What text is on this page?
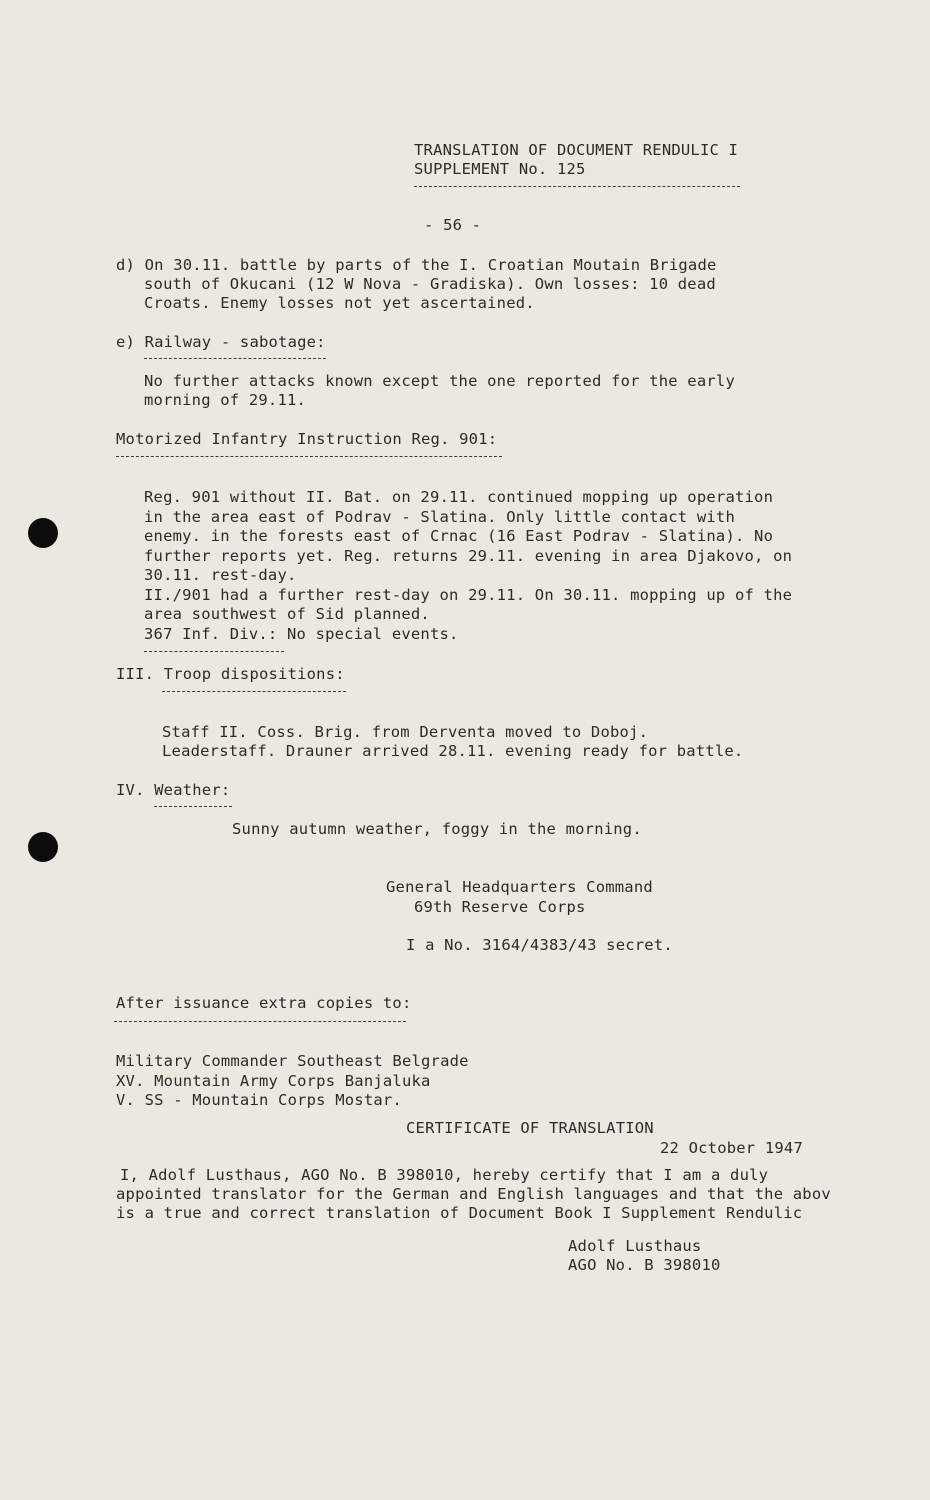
TRANSLATION OF DOCUMENT RENDULIC I

SUPPLEMENT No. 125

- 56 -

d) On 30.11. battle by parts of the I. Croatian Moutain Brigade

south of Okucani (12 W Nova - Gradiska). Own losses: 10 dead

Croats. Enemy losses not yet ascertained.

e) Railway - sabotage:

No further attacks known except the one reported for the early

morning of 29.11.

Motorized Infantry Instruction Reg. 901:

Reg. 901 without II. Bat. on 29.11. continued mopping up operation

in the area east of Podrav - Slatina. Only little contact with

enemy. in the forests east of Crnac (16 East Podrav - Slatina). No

further reports yet. Reg. returns 29.11. evening in area Djakovo, on

30.11. rest-day.

II./901 had a further rest-day on 29.11. On 30.11. mopping up of the

area southwest of Sid planned.

367 Inf. Div.: No special events.

III. Troop dispositions:

Staff II. Coss. Brig. from Derventa moved to Doboj.

Leaderstaff. Drauner arrived 28.11. evening ready for battle.

IV. Weather:

Sunny autumn weather, foggy in the morning.

General Headquarters Command

69th Reserve Corps

I a No. 3164/4383/43 secret.

After issuance extra copies to:

Military Commander Southeast Belgrade

XV. Mountain Army Corps Banjaluka

V. SS - Mountain Corps Mostar.

CERTIFICATE OF TRANSLATION

22 October 1947

I, Adolf Lusthaus, AGO No. B 398010, hereby certify that I am a duly

appointed translator for the German and English languages and that the abov

is a true and correct translation of Document Book I Supplement Rendulic

Adolf Lusthaus

AGO No. B 398010
